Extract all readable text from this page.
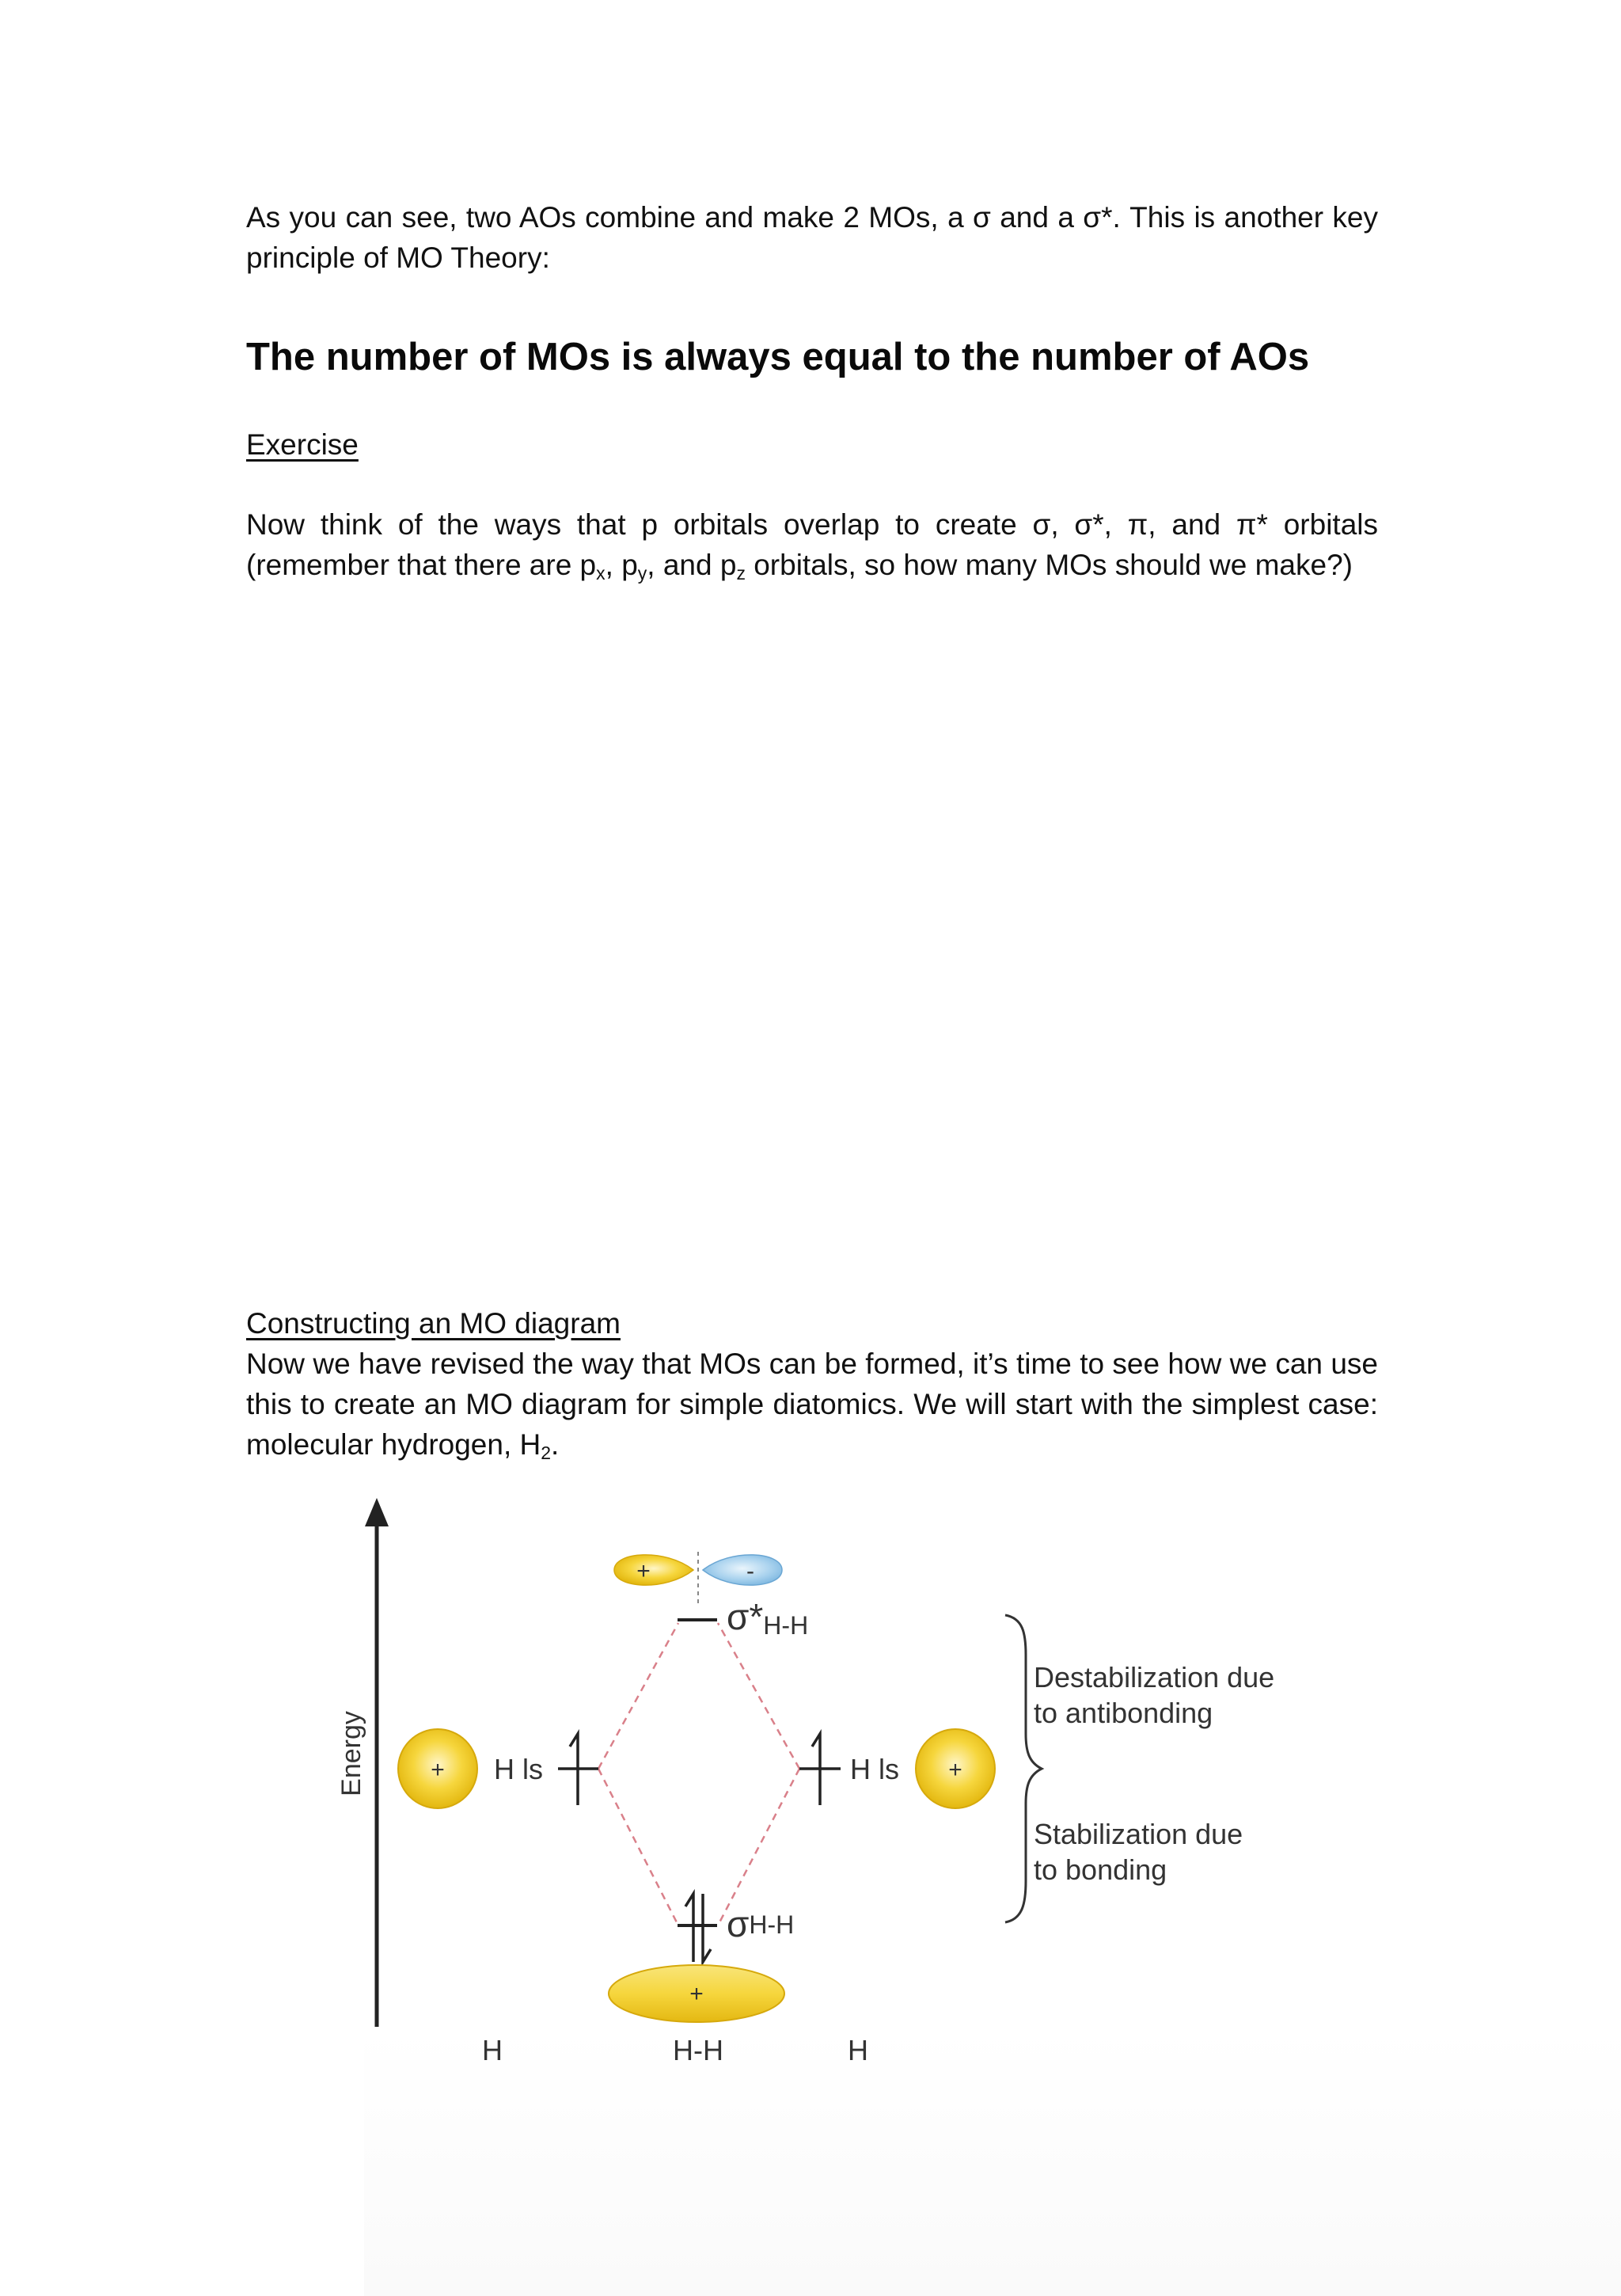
As you can see, two AOs combine and make 2 MOs, a σ and a σ*. This is another key principle of MO Theory:
The number of MOs is always equal to the number of AOs
Exercise
Now think of the ways that p orbitals overlap to create σ, σ*, π, and π* orbitals (remember that there are $p_x$, $p_y$, and $p_z$ orbitals, so how many MOs should we make?)
Constructing an MO diagram
Now we have revised the way that MOs can be formed, it’s time to see how we can use this to create an MO diagram for simple diatomics. We will start with the simplest case: molecular hydrogen, $H_2$.
Energy
+	-
σ*H-H
+ H ls	H ls +
σH-H
+
Destabilization due
to antibonding
Stabilization due
to bonding
H	H-H	H
